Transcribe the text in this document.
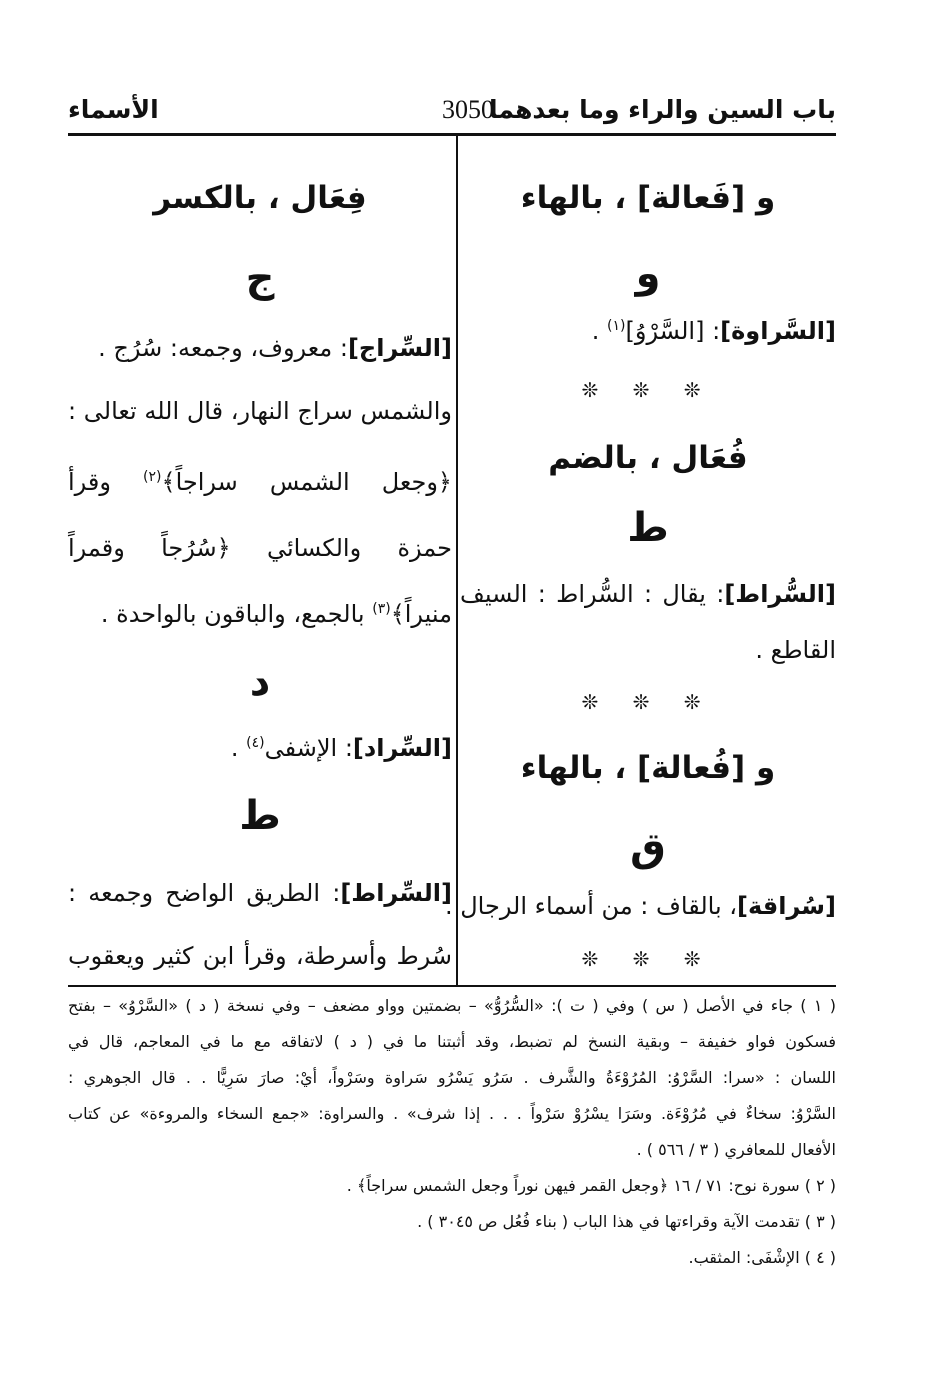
باب السين والراء وما بعدهما
3050
الأسماء
و [فَعالة] ، بالهاء
و
[السَّراوة]: [السَّرْوُ]$^{(١)}$ .
❊ ❊ ❊
فُعَال ، بالضم
ط
[السُّراط]: يقال : السُّراط : السيف
القاطع .
❊ ❊ ❊
و [فُعالة] ، بالهاء
ق
[سُراقة]، بالقاف : من أسماء الرجال .
❊ ❊ ❊
فِعَال ، بالكسر
ج
[السِّراج]: معروف، وجمعه: سُرُج .
والشمس سراج النهار، قال الله تعالى :
﴿وجعل الشمس سراجاً﴾$^{(٢)}$ وقرأ
حمزة والكسائي ﴿سُرُجاً وقمراً
منيراً﴾$^{(٣)}$ بالجمع، والباقون بالواحدة .
د
[السِّراد]: الإشفى$^{(٤)}$ .
ط
[السِّراط]: الطريق الواضح وجمعه :
سُرط وأسرطة، وقرأ ابن كثير ويعقوب
( ١ ) جاء في الأصل ( س ) وفي ( ت ): «السُّرُوُّ» – بضمتين وواو مضعف – وفي نسخة ( د ) «السَّرْوُ» – بفتح
فسكون فواو خفيفة – وبقية النسخ لم تضبط، وقد أثبتنا ما في ( د ) لاتفاقه مع ما في المعاجم، قال في
اللسان : «سرا: السَّرْوُ: المُرُوْءَةُ والشَّرف . سَرُو يَسْرُو سَراوة وسَرْواً، أيْ: صارَ سَرِيًّا . . قال الجوهري :
السَّرْوُ: سخاءٌ في مُرُوْءَة. وسَرَا يسْرُوْ سَرْواً . . . إذا شرف» . والسراوة: «جمع السخاء والمروءة» عن كتاب
الأفعال للمعافري ( ٣ / ٥٦٦ ) .
( ٢ ) سورة نوح: ٧١ / ١٦ ﴿وجعل القمر فيهن نوراً وجعل الشمس سراجاً﴾ .
( ٣ ) تقدمت الآية وقراءتها في هذا الباب ( بناء فُعُل ص ٣٠٤٥ ) .
( ٤ ) الإشْفَى: المثقب.
